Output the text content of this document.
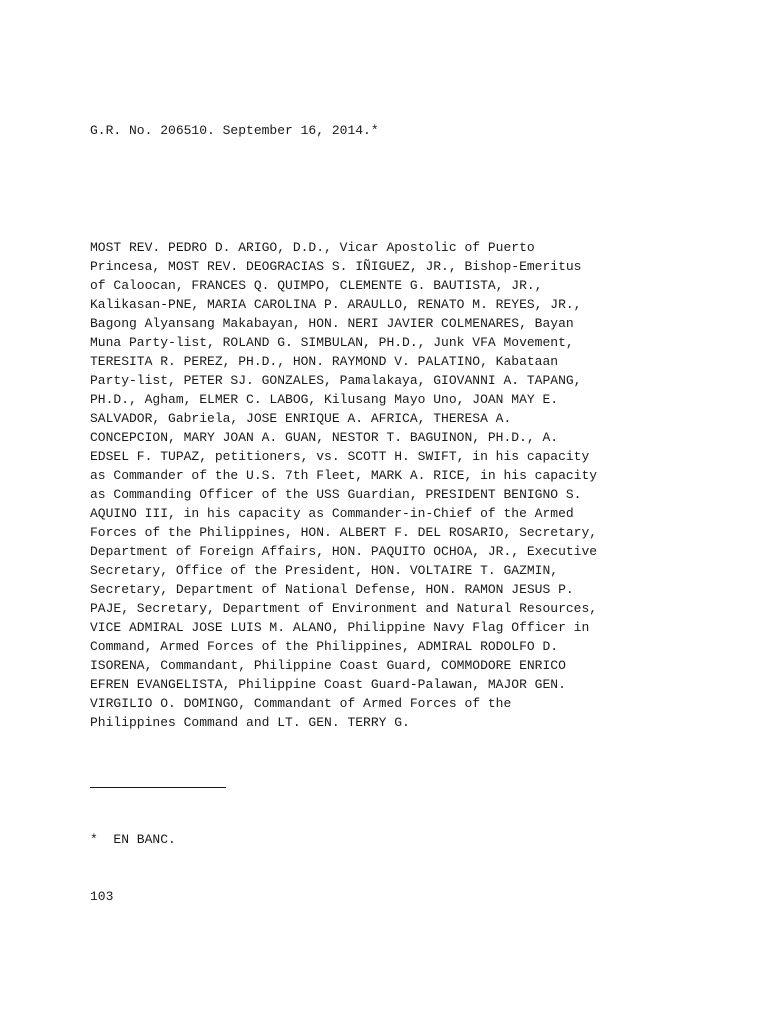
G.R. No. 206510. September 16, 2014.*

MOST REV. PEDRO D. ARIGO, D.D., Vicar Apostolic of Puerto
Princesa, MOST REV. DEOGRACIAS S. IÑIGUEZ, JR., Bishop-Emeritus
of Caloocan, FRANCES Q. QUIMPO, CLEMENTE G. BAUTISTA, JR.,
Kalikasan-PNE, MARIA CAROLINA P. ARAULLO, RENATO M. REYES, JR.,
Bagong Alyansang Makabayan, HON. NERI JAVIER COLMENARES, Bayan
Muna Party-list, ROLAND G. SIMBULAN, PH.D., Junk VFA Movement,
TERESITA R. PEREZ, PH.D., HON. RAYMOND V. PALATINO, Kabataan
Party-list, PETER SJ. GONZALES, Pamalakaya, GIOVANNI A. TAPANG,
PH.D., Agham, ELMER C. LABOG, Kilusang Mayo Uno, JOAN MAY E.
SALVADOR, Gabriela, JOSE ENRIQUE A. AFRICA, THERESA A.
CONCEPCION, MARY JOAN A. GUAN, NESTOR T. BAGUINON, PH.D., A.
EDSEL F. TUPAZ, petitioners, vs. SCOTT H. SWIFT, in his capacity
as Commander of the U.S. 7th Fleet, MARK A. RICE, in his capacity
as Commanding Officer of the USS Guardian, PRESIDENT BENIGNO S.
AQUINO III, in his capacity as Commander-in-Chief of the Armed
Forces of the Philippines, HON. ALBERT F. DEL ROSARIO, Secretary,
Department of Foreign Affairs, HON. PAQUITO OCHOA, JR., Executive
Secretary, Office of the President, HON. VOLTAIRE T. GAZMIN,
Secretary, Department of National Defense, HON. RAMON JESUS P.
PAJE, Secretary, Department of Environment and Natural Resources,
VICE ADMIRAL JOSE LUIS M. ALANO, Philippine Navy Flag Officer in
Command, Armed Forces of the Philippines, ADMIRAL RODOLFO D.
ISORENA, Commandant, Philippine Coast Guard, COMMODORE ENRICO
EFREN EVANGELISTA, Philippine Coast Guard-Palawan, MAJOR GEN.
VIRGILIO O. DOMINGO, Commandant of Armed Forces of the
Philippines Command and LT. GEN. TERRY G.

*  EN BANC.

103
